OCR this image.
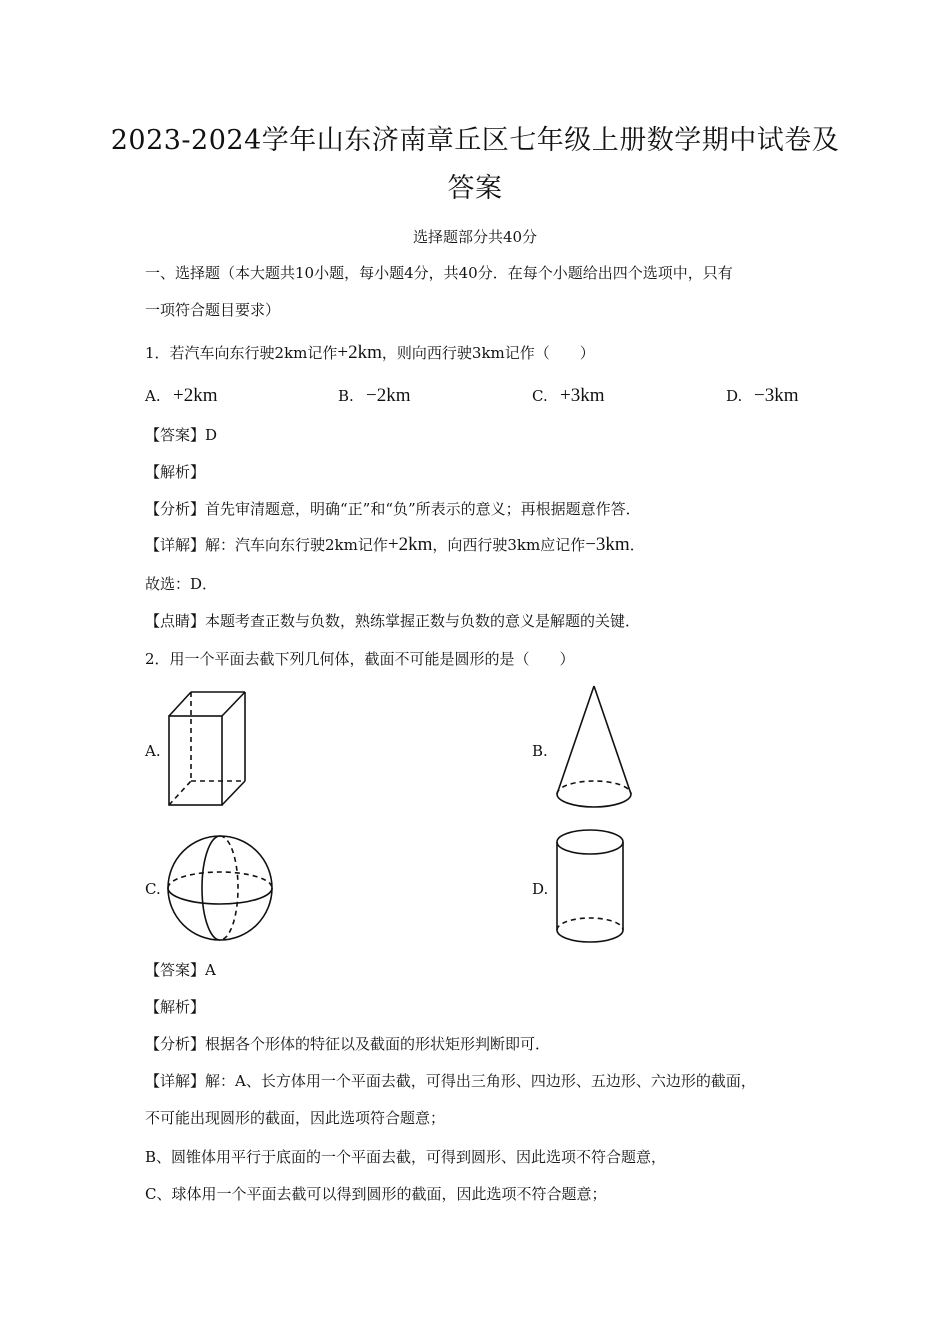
2023-2024学年山东济南章丘区七年级上册数学期中试卷及
答案
选择题部分共40分
一、选择题（本大题共10小题，每小题4分，共40分．在每个小题给出四个选项中，只有
一项符合题目要求）
1．若汽车向东行驶2km记作+2km，则向西行驶3km记作（　　）
A. +2km	B. −2km	C. +3km	D. −3km
【答案】D
【解析】
【分析】首先审清题意，明确“正”和“负”所表示的意义；再根据题意作答．
【详解】解：汽车向东行驶2km记作+2km，向西行驶3km应记作−3km．
故选：D．
【点睛】本题考查正数与负数，熟练掌握正数与负数的意义是解题的关键．
2．用一个平面去截下列几何体，截面不可能是圆形的是（　　）
A.	B.
C.	D.
【答案】A
【解析】
【分析】根据各个形体的特征以及截面的形状矩形判断即可．
【详解】解：A、长方体用一个平面去截，可得出三角形、四边形、五边形、六边形的截面，
不可能出现圆形的截面，因此选项符合题意；
B、圆锥体用平行于底面的一个平面去截，可得到圆形、因此选项不符合题意，
C、球体用一个平面去截可以得到圆形的截面，因此选项不符合题意；
